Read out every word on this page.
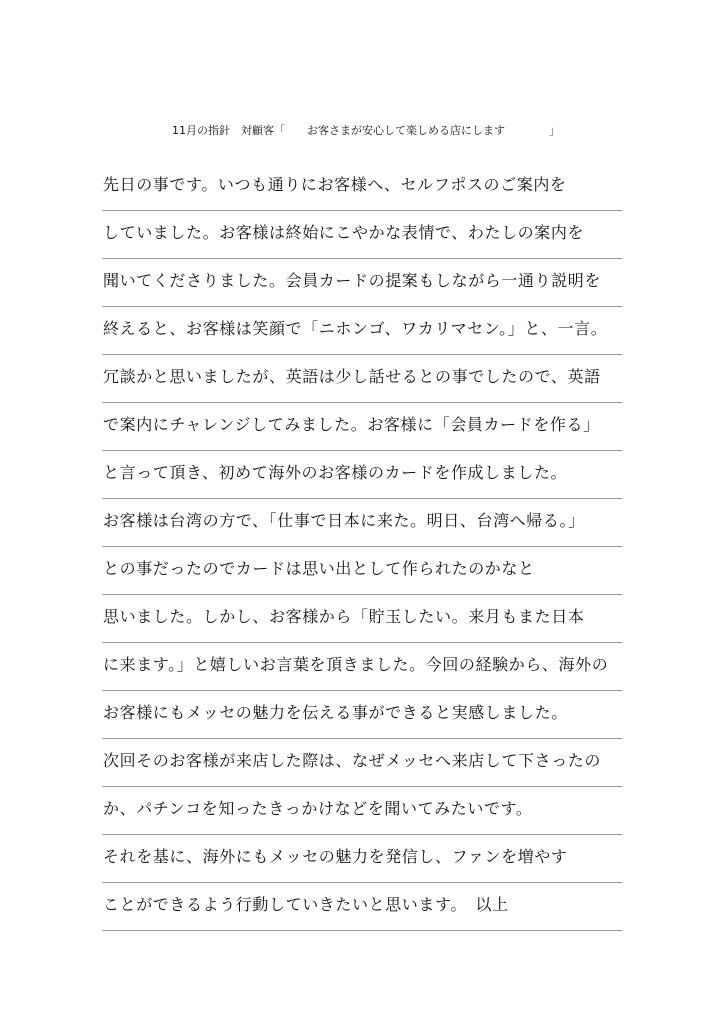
11月の指針　対顧客「　　お客さまが安心して楽しめる店にします　　　　」
先日の事です。いつも通りにお客様へ、セルフポスのご案内を
していました。お客様は終始にこやかな表情で、わたしの案内を
聞いてくださりました。会員カードの提案もしながら一通り説明を
終えると、お客様は笑顔で「ニホンゴ、ワカリマセン。」と、一言。
冗談かと思いましたが、英語は少し話せるとの事でしたので、英語
で案内にチャレンジしてみました。お客様に「会員カードを作る」
と言って頂き、初めて海外のお客様のカードを作成しました。
お客様は台湾の方で、「仕事で日本に来た。明日、台湾へ帰る。」
との事だったのでカードは思い出として作られたのかなと
思いました。しかし、お客様から「貯玉したい。来月もまた日本
に来ます。」と嬉しいお言葉を頂きました。今回の経験から、海外の
お客様にもメッセの魅力を伝える事ができると実感しました。
次回そのお客様が来店した際は、なぜメッセへ来店して下さったの
か、パチンコを知ったきっかけなどを聞いてみたいです。
それを基に、海外にもメッセの魅力を発信し、ファンを増やす
ことができるよう行動していきたいと思います。　以上
